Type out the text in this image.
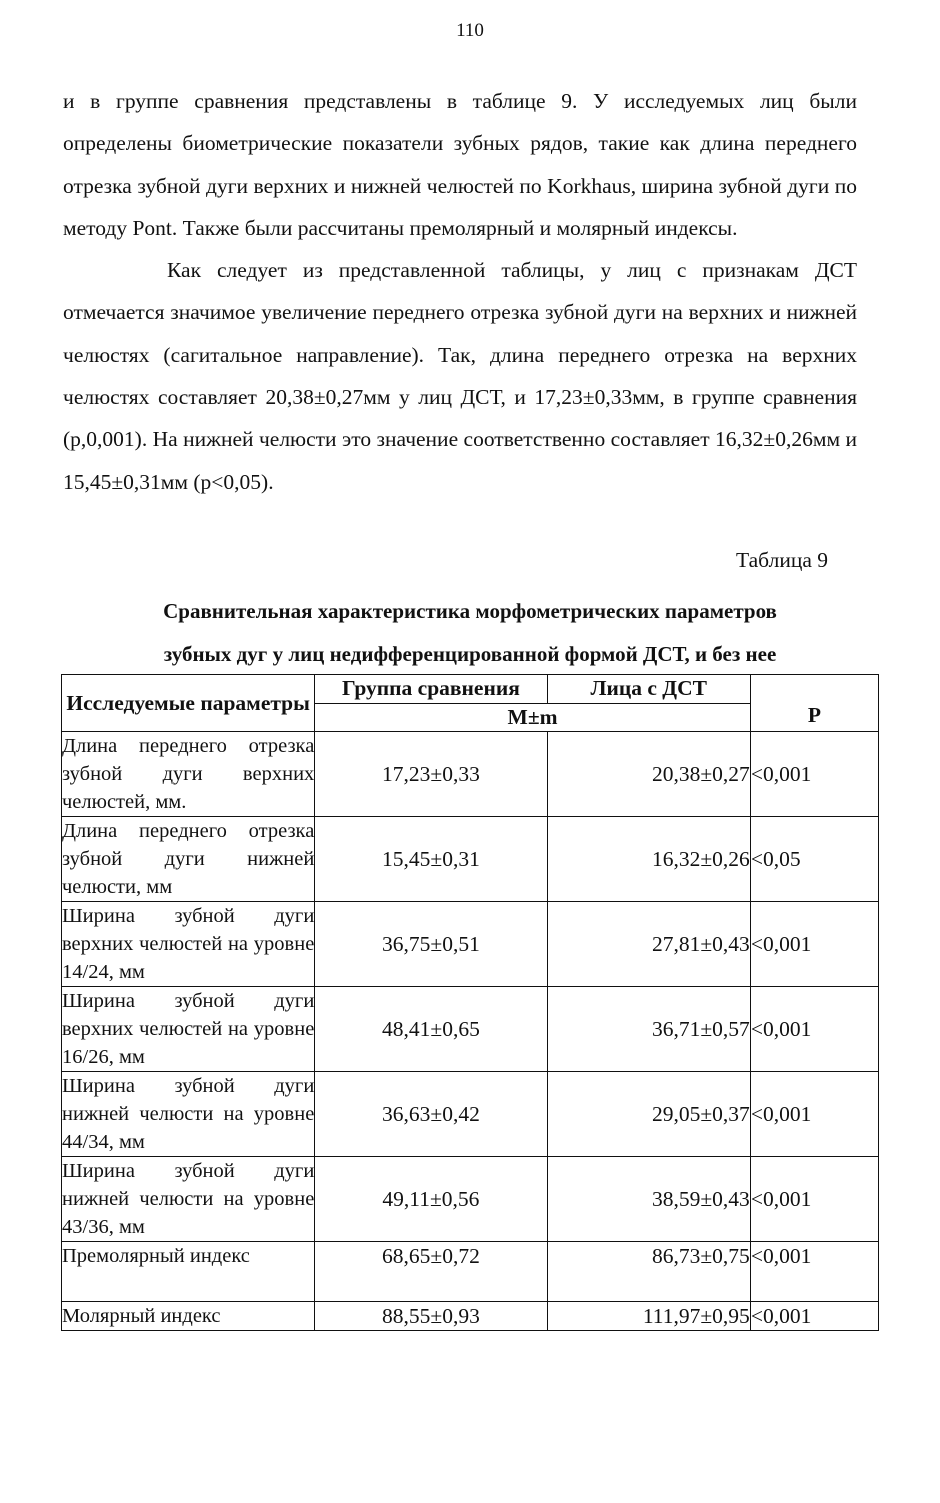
110

и в группе сравнения представлены в таблице 9. У исследуемых лиц были определены биометрические показатели зубных рядов, такие как длина переднего отрезка зубной дуги верхних и нижней челюстей по Korkhaus, ширина зубной дуги по методу Pont. Также были рассчитаны премолярный и молярный индексы.

Как следует из представленной таблицы, у лиц с признакам ДСТ отмечается значимое увеличение переднего отрезка зубной дуги на верхних и нижней челюстях (сагитальное направление). Так, длина переднего отрезка на верхних челюстях составляет 20,38±0,27мм у лиц ДСТ, и 17,23±0,33мм, в группе сравнения (р,0,001). На нижней челюсти это значение соответственно составляет 16,32±0,26мм и 15,45±0,31мм (р<0,05).

Таблица 9
Сравнительная характеристика морфометрических параметров
зубных дуг у лиц недифференцированной формой ДСТ, и без нее
Исследуемые параметры	Группа сравнения	Лица с ДСТ	P
	M±m		
Длина переднего отрезка зубной дуги верхних челюстей, мм.	17,23±0,33	20,38±0,27	<0,001
Длина переднего отрезка зубной дуги нижней челюсти, мм	15,45±0,31	16,32±0,26	<0,05
Ширина зубной дуги верхних челюстей на уровне 14/24, мм	36,75±0,51	27,81±0,43	<0,001
Ширина зубной дуги верхних челюстей на уровне 16/26, мм	48,41±0,65	36,71±0,57	<0,001
Ширина зубной дуги нижней челюсти на уровне 44/34, мм	36,63±0,42	29,05±0,37	<0,001
Ширина зубной дуги нижней челюсти на уровне 43/36, мм	49,11±0,56	38,59±0,43	<0,001
Премолярный индекс	68,65±0,72	86,73±0,75	<0,001
Молярный индекс	88,55±0,93	111,97±0,95	<0,001
